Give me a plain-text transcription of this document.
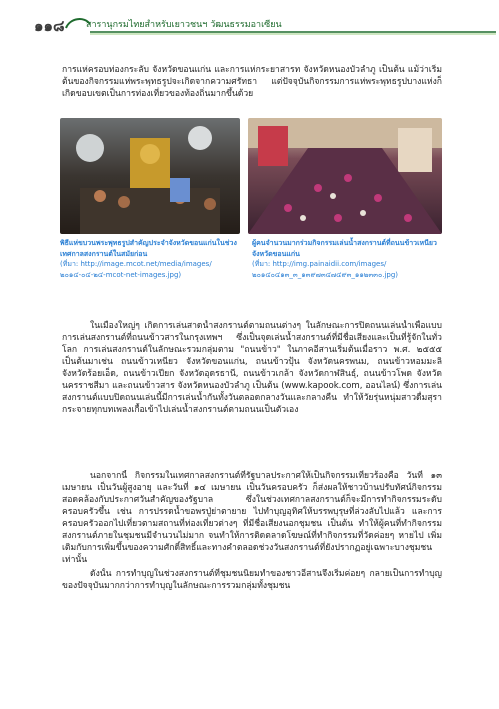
๑๑๘ สารานุกรมไทยสำหรับเยาวชนฯ วัฒนธรรมอาเซียน
การแห่ครอบท่องกระลับ จังหวัดขอนแก่น และการแห่กระยาสารท จังหวัดหนองบัวลำภู เป็นต้น แม้ว่าเริ่มต้นของกิจกรรมแห่พระพุทธรูปจะเกิดจากความศรัทธา แต่ปัจจุบันกิจกรรมการแห่พระพุทธรูปบางแห่งก็เกิดขอบเขตเป็นการท่องเที่ยวของท้องถิ่นมากขึ้นด้วย
พิธีแห่ขบวนพระพุทธรูปสำคัญประจำจังหวัดขอนแก่นในช่วงเทศกาลสงกรานต์ในสมัยก่อน
(ที่มา: http://image.mcot.net/media/images/๒๐๑๔-๐๔-๒๔-mcot-net-images.jpg)
ผู้คนจำนวนมากร่วมกิจกรรมเล่นน้ำสงกรานต์ที่ถนนข้าวเหนียว จังหวัดขอนแก่น
(ที่มา: http://img.painaidii.com/images/๒๐๑๔๐๔๑๓_๓_๑๓๙๗๓๔๗๔๙๓_๑๑๒๓๓๐.jpg)
ในเมืองใหญ่ๆ เกิดการเล่นสาดน้ำสงกรานต์ตามถนนต่างๆ ในลักษณะการปิดถนนเล่นน้ำเพื่อแบบการเล่นสงกรานต์ที่ถนนข้าวสารในกรุงเทพฯ ซึ่งเป็นจุดเล่นน้ำสงกรานต์ที่มีชื่อเสียงและเป็นที่รู้จักในทั่วโลก การเล่นสงกรานต์ในลักษณะรวมกลุ่มตาม "ถนนข้าว" ในภาคอีสานเริ่มต้นเมื่อราว พ.ศ. ๒๕๕๕ เป็นต้นมาเช่น ถนนข้าวเหนียว จังหวัดขอนแก่น, ถนนข้าวปุ้น จังหวัดนครพนม, ถนนข้าวหอมมะลิ จังหวัดร้อยเอ็ด, ถนนข้าวเปียก จังหวัดอุดรธานี, ถนนข้าวเกล้า จังหวัดกาฬสินธุ์, ถนนข้าวโพด จังหวัดนครราชสีมา และถนนข้าวสาร จังหวัดหนองบัวลำภู เป็นต้น (www.kapook.com, ออนไลน์) ซึ่งการเล่นสงกรานต์แบบปิดถนนเล่นนี้มีการเล่นน้ำกันทั้งวันตลอดกลางวันและกลางคืน ทำให้วัยรุ่นหนุ่มสาวดื่มสุรากระจายทุกบทเพลงเกื้อเข้าไปเล่นน้ำสงกรานต์ตามถนนเป็นตัวเอง
นอกจากนี้ กิจกรรมในเทศกาลสงกรานต์ที่รัฐบาลประกาศให้เป็นกิจกรรมเที่ยวร้องคือ วันที่ ๑๓ เมษายน เป็นวันผู้สูงอายุ และวันที่ ๑๔ เมษายน เป็นวันครอบครัว ก็ส่งผลให้ชาวบ้านปรับทัศน์กิจกรรมสอดคล้องกับประกาศวันสำคัญของรัฐบาล ซึ่งในช่วงเทศกาลสงกรานต์ก็จะมีการทำกิจกรรมระดับครอบครัวขึ้น เช่น การปรรดน้ำขอพรปู่ย่าตายาย ไปทำบุญอุทิศให้บรรพบุรุษที่ล่วงลับไปแล้ว และการครอบครัวออกไปเที่ยวตามสถานที่ท่องเที่ยวต่างๆ ที่มีชื่อเสียงนอกชุมชน เป็นต้น ทำให้ผู้คนที่ทำกิจกรรมสงกรานต์ภายในชุมชนมีจำนวนไม่มาก จนทำให้การติดตลาดโฆษณ์ที่ทำกิจกรรมที่วัดค่อยๆ หายไป เพิ่มเติมกับการเพิ่มขึ้นของความศักดิ์สิทธิ์และทางคำตลอดช่วงวันสงกรานต์ที่ยังปรากฏอยู่เฉพาะบางชุมชนเท่านั้น
ดังนั้น การทำบุญในช่วงสงกรานต์ที่ชุมชนนิยมทำของชาวอีสานจึงเริ่มค่อยๆ กลายเป็นการทำบุญของปัจจุบันมากกว่าการทำบุญในลักษณะการรวมกลุ่มทั้งชุมชน
